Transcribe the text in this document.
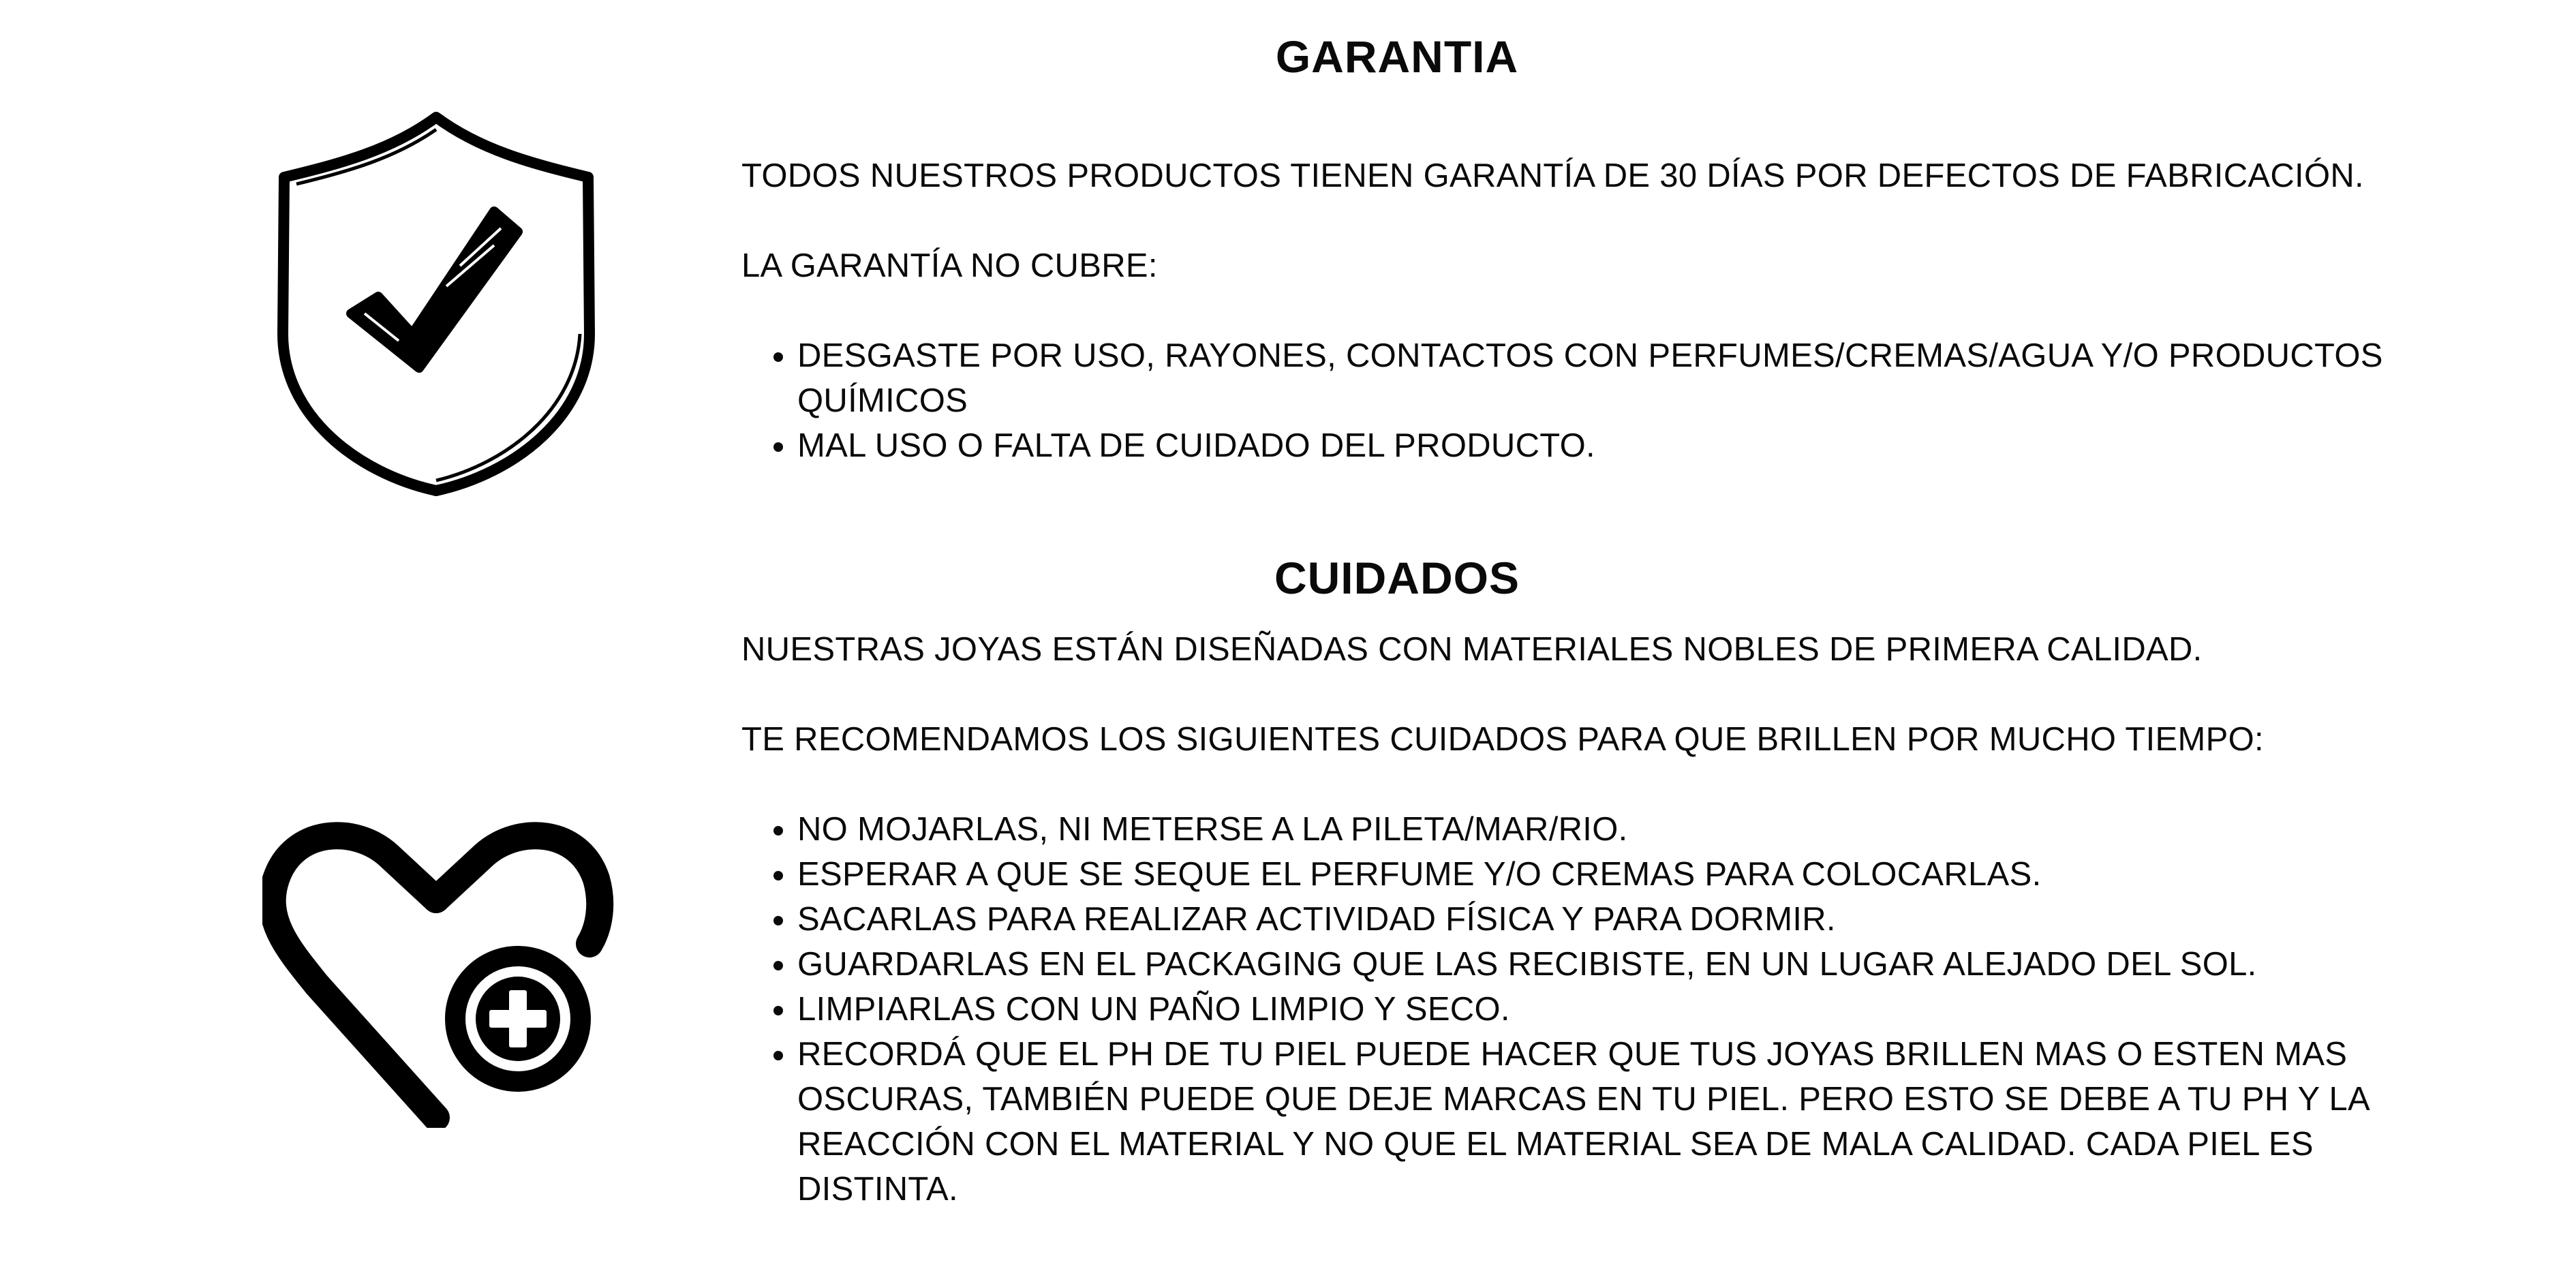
GARANTIA

TODOS NUESTROS PRODUCTOS TIENEN GARANTÍA DE 30 DÍAS POR DEFECTOS DE FABRICACIÓN.

LA GARANTÍA NO CUBRE:

• DESGASTE POR USO, RAYONES, CONTACTOS CON PERFUMES/CREMAS/AGUA Y/O PRODUCTOS QUÍMICOS
• MAL USO O FALTA DE CUIDADO DEL PRODUCTO.
CUIDADOS

NUESTRAS JOYAS ESTÁN DISEÑADAS CON MATERIALES NOBLES DE PRIMERA CALIDAD.

TE RECOMENDAMOS LOS SIGUIENTES CUIDADOS PARA QUE BRILLEN POR MUCHO TIEMPO:

• NO MOJARLAS, NI METERSE A LA PILETA/MAR/RIO.
• ESPERAR A QUE SE SEQUE EL PERFUME Y/O CREMAS PARA COLOCARLAS.
• SACARLAS PARA REALIZAR ACTIVIDAD FÍSICA Y PARA DORMIR.
• GUARDARLAS EN EL PACKAGING QUE LAS RECIBISTE, EN UN LUGAR ALEJADO DEL SOL.
• LIMPIARLAS CON UN PAÑO LIMPIO Y SECO.
• RECORDÁ QUE EL PH DE TU PIEL PUEDE HACER QUE TUS JOYAS BRILLEN MAS O ESTEN MAS OSCURAS, TAMBIÉN PUEDE QUE DEJE MARCAS EN TU PIEL. PERO ESTO SE DEBE A TU PH Y LA REACCIÓN CON EL MATERIAL Y NO QUE EL MATERIAL SEA DE MALA CALIDAD. CADA PIEL ES DISTINTA.
